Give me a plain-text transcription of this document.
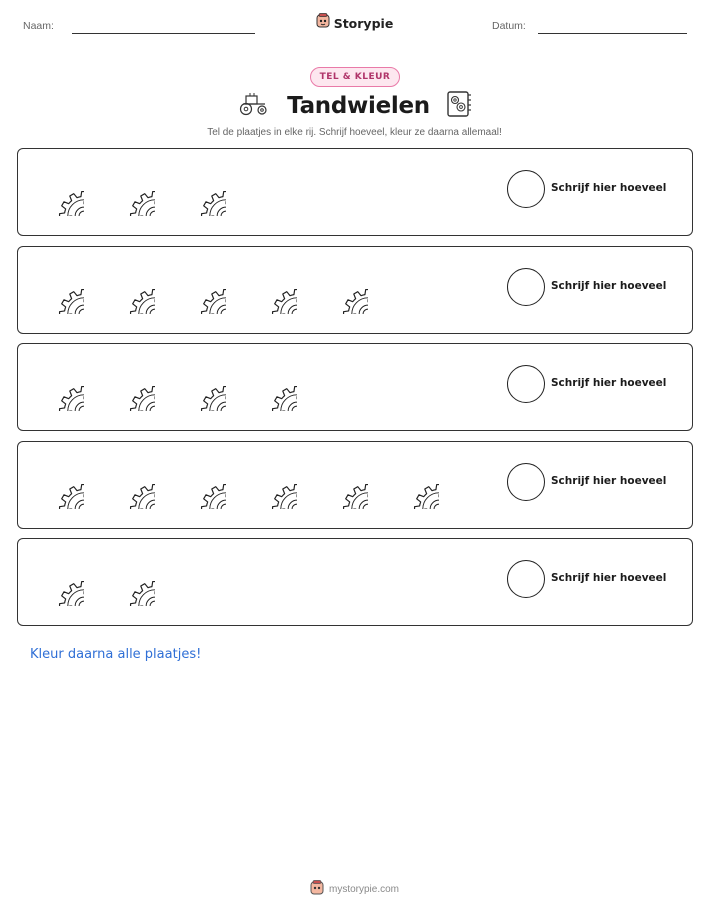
Naam:	Storypie	Datum:
TEL & KLEUR
Tandwielen
Tel de plaatjes in elke rij. Schrijf hoeveel, kleur ze daarna allemaal!
Schrijf hier hoeveel
Schrijf hier hoeveel
Schrijf hier hoeveel
Schrijf hier hoeveel
Schrijf hier hoeveel
Kleur daarna alle plaatjes!
mystorypie.com
